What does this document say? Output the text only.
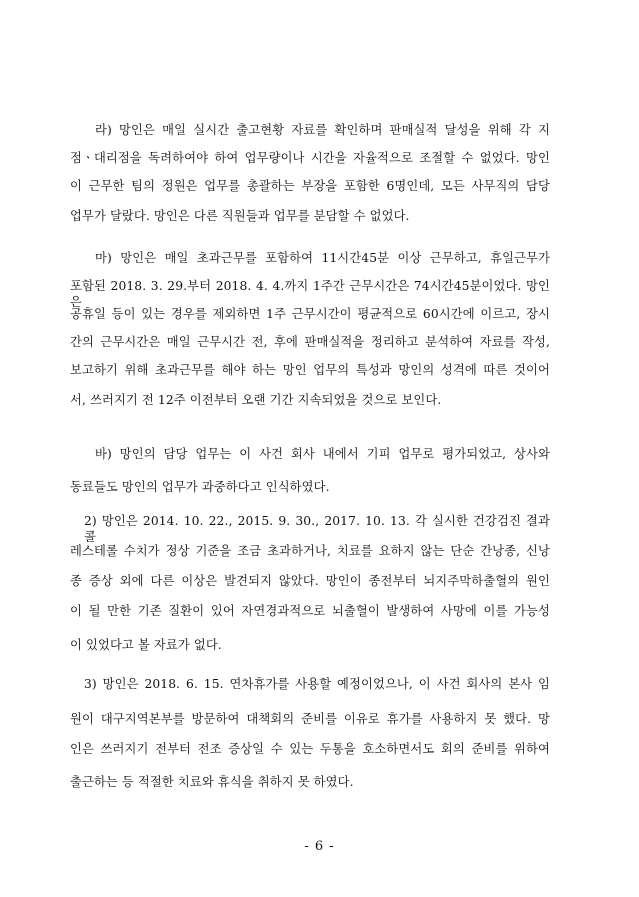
라) 망인은 매일 실시간 출고현황 자료를 확인하며 판매실적 달성을 위해 각 지
점ㆍ대리점을 독려하여야 하여 업무량이나 시간을 자율적으로 조절할 수 없었다. 망인
이 근무한 팀의 정원은 업무를 총괄하는 부장을 포함한 6명인데, 모든 사무직의 담당
업무가 달랐다. 망인은 다른 직원들과 업무를 분담할 수 없었다.
마) 망인은 매일 초과근무를 포함하여 11시간45분 이상 근무하고, 휴일근무가
포함된 2018. 3. 29.부터 2018. 4. 4.까지 1주간 근무시간은 74시간45분이었다. 망인은
공휴일 등이 있는 경우를 제외하면 1주 근무시간이 평균적으로 60시간에 이르고, 장시
간의 근무시간은 매일 근무시간 전, 후에 판매실적을 정리하고 분석하여 자료를 작성,
보고하기 위해 초과근무를 해야 하는 망인 업무의 특성과 망인의 성격에 따른 것이어
서, 쓰러지기 전 12주 이전부터 오랜 기간 지속되었을 것으로 보인다.
바) 망인의 담당 업무는 이 사건 회사 내에서 기피 업무로 평가되었고, 상사와
동료들도 망인의 업무가 과중하다고 인식하였다.
2) 망인은 2014. 10. 22., 2015. 9. 30., 2017. 10. 13. 각 실시한 건강검진 결과 콜
레스테롤 수치가 정상 기준을 조금 초과하거나, 치료를 요하지 않는 단순 간낭종, 신낭
종 증상 외에 다른 이상은 발견되지 않았다. 망인이 종전부터 뇌지주막하출혈의 원인
이 될 만한 기존 질환이 있어 자연경과적으로 뇌출혈이 발생하여 사망에 이를 가능성
이 있었다고 볼 자료가 없다.
3) 망인은 2018. 6. 15. 연차휴가를 사용할 예정이었으나, 이 사건 회사의 본사 임
원이 대구지역본부를 방문하여 대책회의 준비를 이유로 휴가를 사용하지 못 했다. 망
인은 쓰러지기 전부터 전조 증상일 수 있는 두통을 호소하면서도 회의 준비를 위하여
출근하는 등 적절한 치료와 휴식을 취하지 못 하였다.
- 6 -
